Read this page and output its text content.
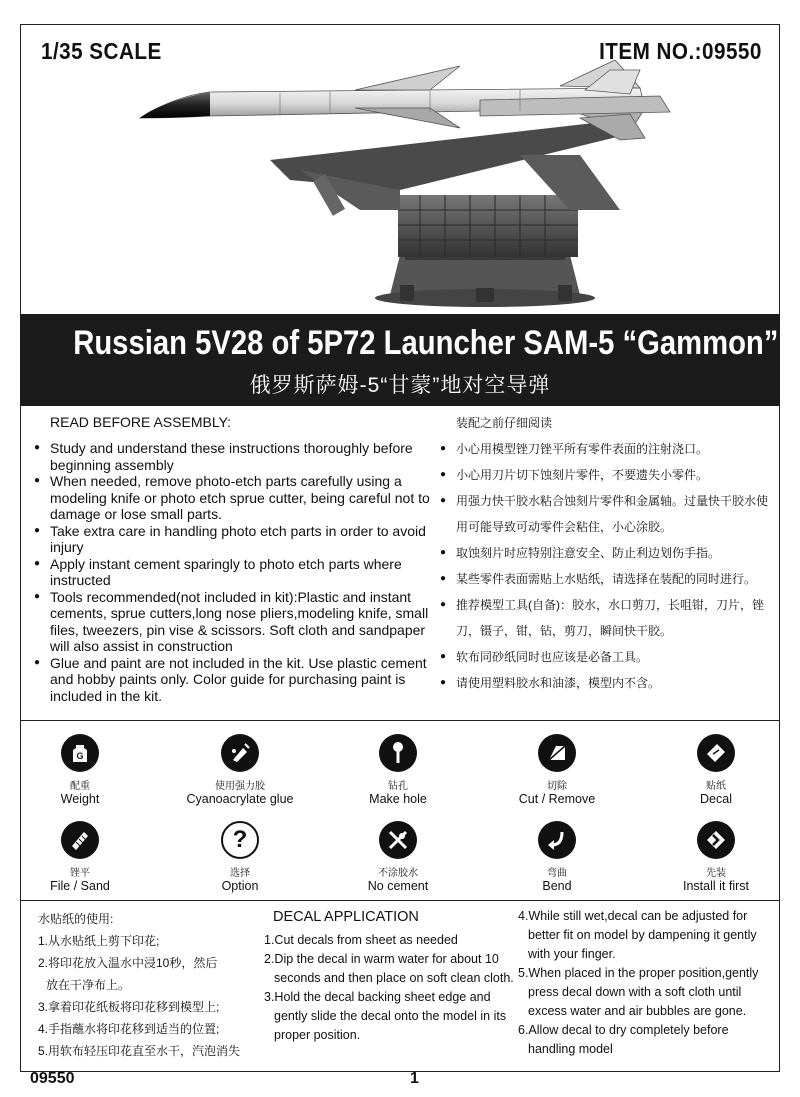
1/35 SCALE	ITEM NO.:09550
Russian 5V28 of 5P72 Launcher SAM-5 “Gammon”
俄罗斯萨姆-5“甘蒙”地对空导弹
READ BEFORE ASSEMBLY:
● Study and understand these instructions thoroughly before beginning assembly
● When needed, remove photo-etch parts carefully using a modeling knife or photo etch sprue cutter, being careful not to damage or lose small parts.
● Take extra care in handling photo etch parts in order to avoid injury
● Apply instant cement sparingly to photo etch parts where instructed
● Tools recommended(not included in kit):Plastic and instant cements, sprue cutters,long nose pliers,modeling knife, small files, tweezers, pin vise & scissors. Soft cloth and sandpaper will also assist in construction
● Glue and paint are not included in the kit. Use plastic cement and hobby paints only. Color guide for purchasing paint is included in the kit.
装配之前仔细阅读
● 小心用模型锉刀锉平所有零件表面的注射浇口。
● 小心用刀片切下蚀刻片零件，不要遗失小零件。
● 用强力快干胶水粘合蚀刻片零件和金属轴。过量快干胶水使用可能导致可动零件会粘住，小心涂胶。
● 取蚀刻片时应特别注意安全、防止利边划伤手指。
● 某些零件表面需贴上水贴纸，请选择在装配的同时进行。
● 推荐模型工具(自备)：胶水，水口剪刀，长咀钳，刀片，锉刀，镊子，钳，钻，剪刀，瞬间快干胶。
● 软布同砂纸同时也应该是必备工具。
● 请使用塑料胶水和油漆，模型内不含。
G
配重
Weight
使用强力胶
Cyanoacrylate glue
钻孔
Make hole
切除
Cut / Remove
贴纸
Decal
锉平
File / Sand
?
选择
Option
不涂胶水
No cement
弯曲
Bend
先装
Install it first
水贴纸的使用:
1.从水贴纸上剪下印花;
2.将印花放入温水中浸10秒，然后
放在干净布上。
3.拿着印花纸板将印花移到模型上;
4.手指蘸水将印花移到适当的位置;
5.用软布轻压印花直至水干，汽泡消失
DECAL APPLICATION
1.Cut decals from sheet as needed
2.Dip the decal in warm water for about 10
seconds and then place on soft clean cloth.
3.Hold the decal backing sheet edge and
gently slide the decal onto the model in its
proper position.
4.While still wet,decal can be adjusted for
better fit on model by dampening it gently
with your finger.
5.When placed in the proper position,gently
press decal down with a soft cloth until
excess water and air bubbles are gone.
6.Allow decal to dry completely before
handling model
09550	1
